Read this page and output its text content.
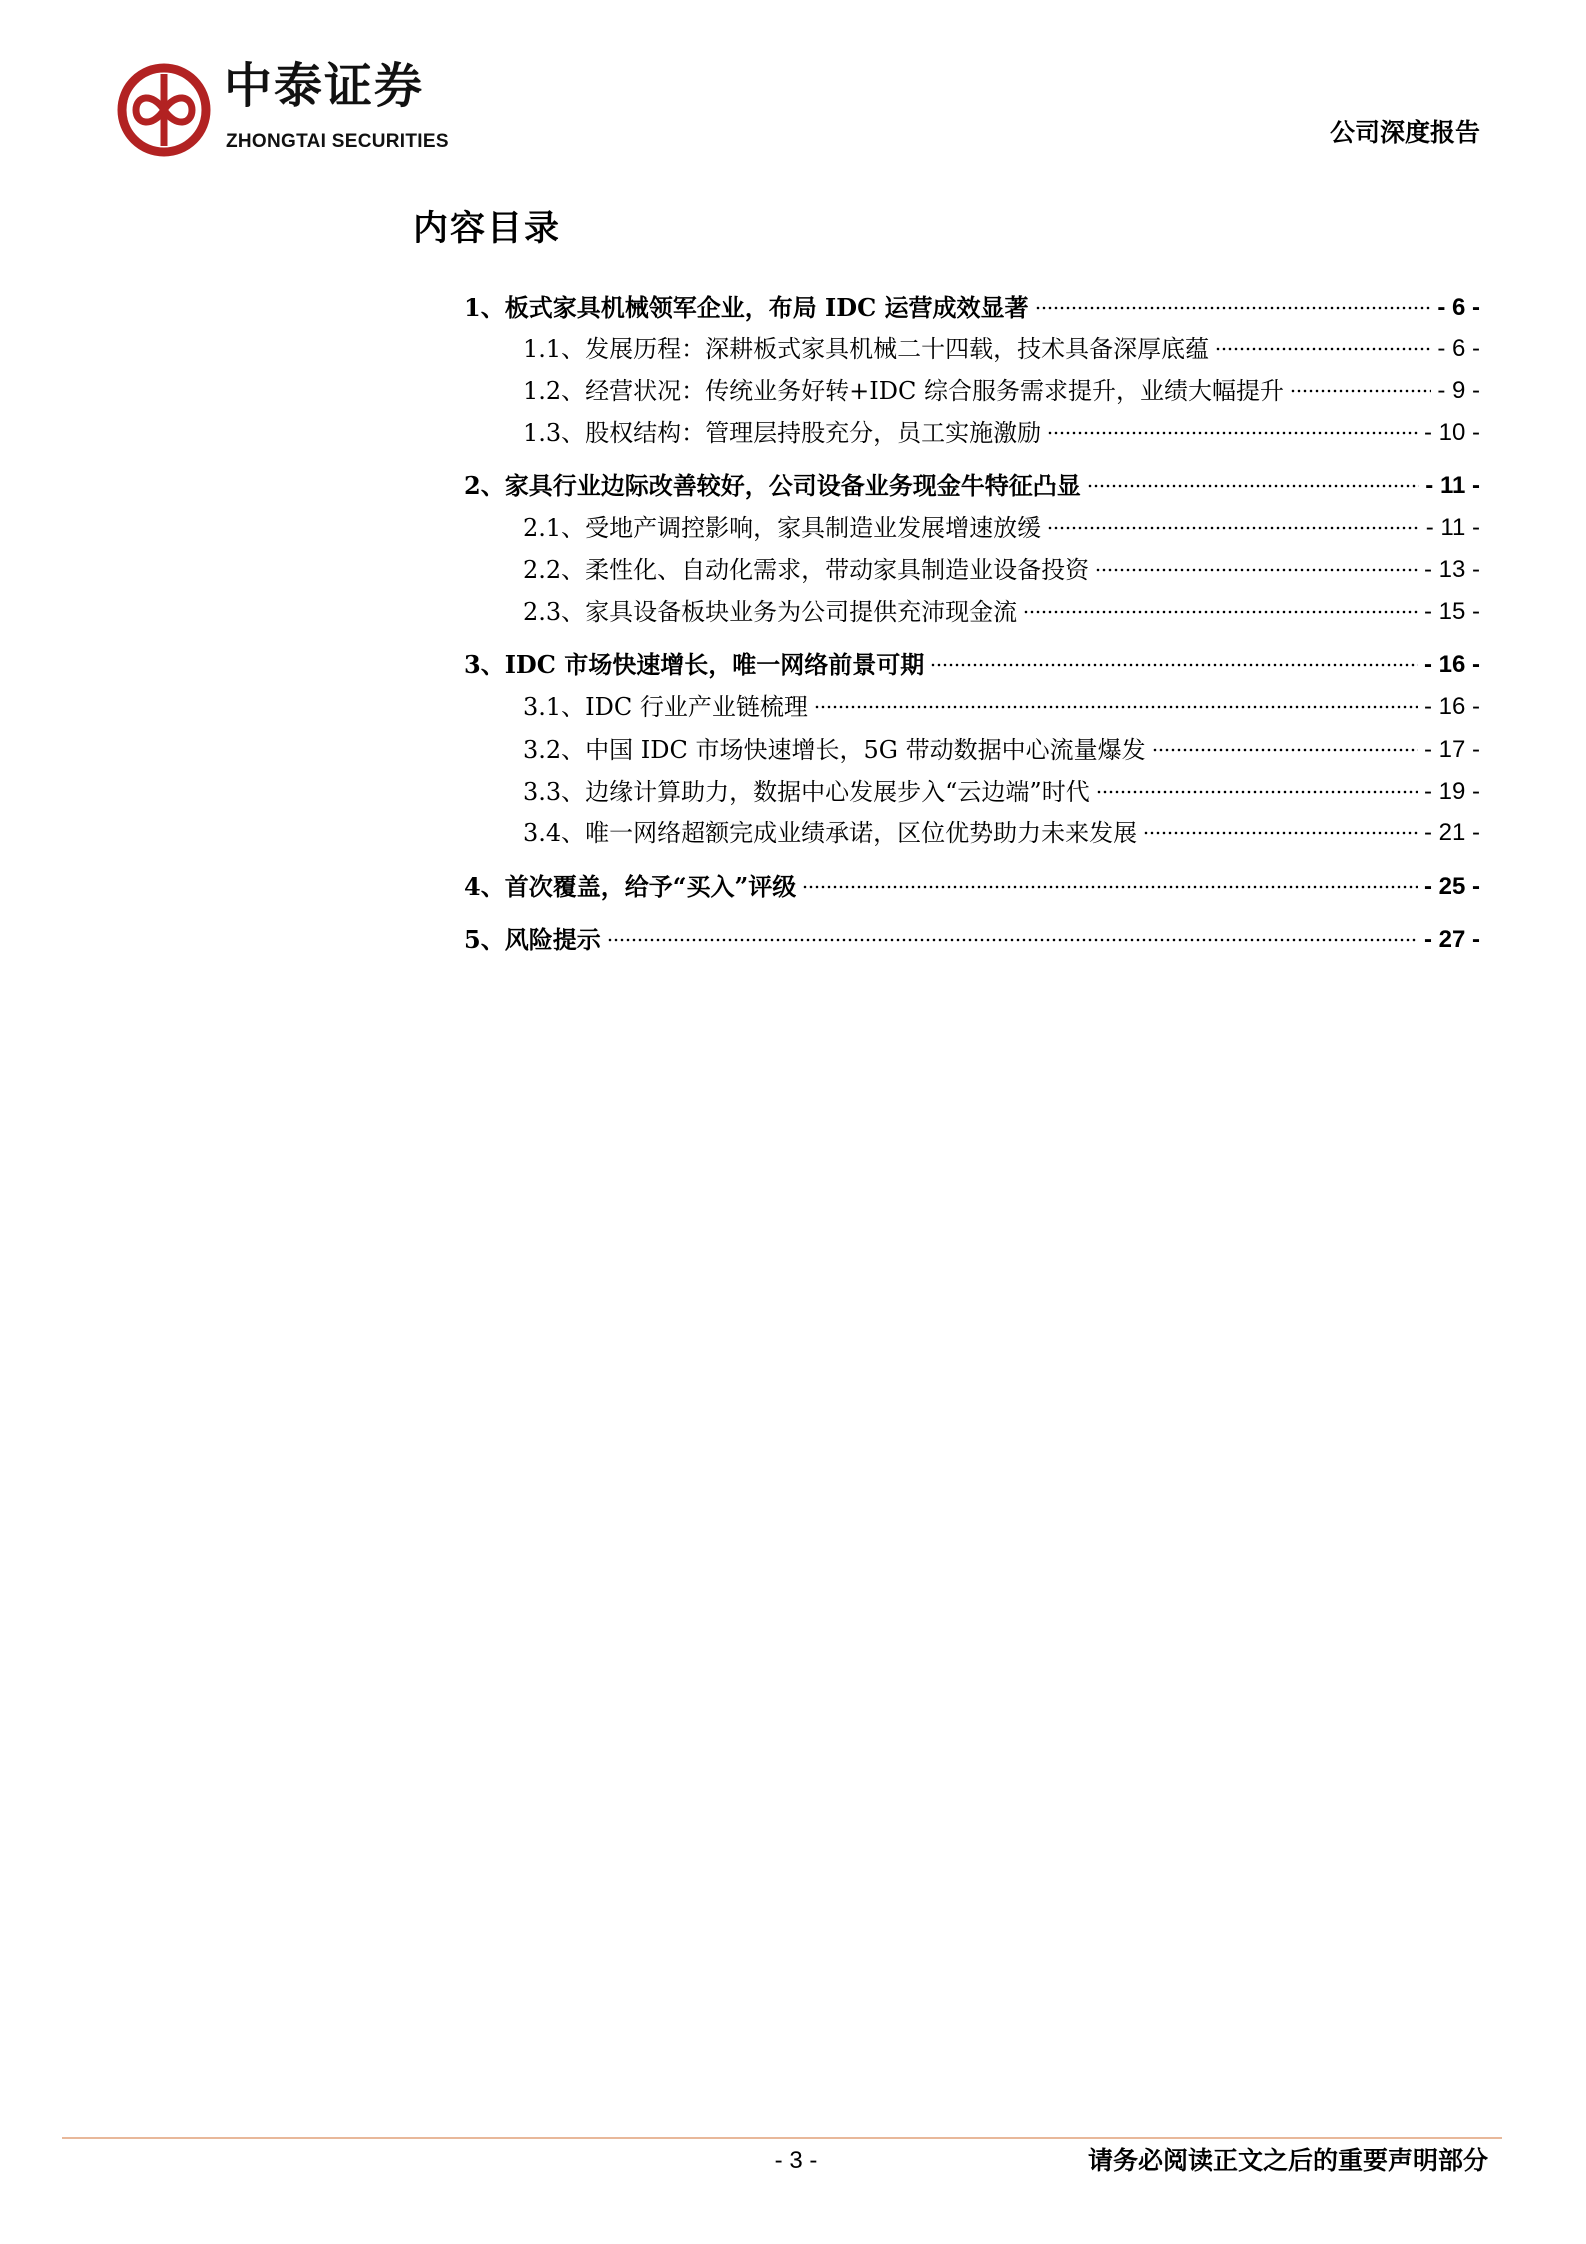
中泰证券
ZHONGTAI SECURITIES	公司深度报告
内容目录
1、板式家具机械领军企业，布局 IDC 运营成效显著	- 6 -
1.1、发展历程：深耕板式家具机械二十四载，技术具备深厚底蕴	- 6 -
1.2、经营状况：传统业务好转+IDC 综合服务需求提升，业绩大幅提升	- 9 -
1.3、股权结构：管理层持股充分，员工实施激励	- 10 -
2、家具行业边际改善较好，公司设备业务现金牛特征凸显	- 11 -
2.1、受地产调控影响，家具制造业发展增速放缓	- 11 -
2.2、柔性化、自动化需求，带动家具制造业设备投资	- 13 -
2.3、家具设备板块业务为公司提供充沛现金流	- 15 -
3、IDC 市场快速增长，唯一网络前景可期	- 16 -
3.1、IDC 行业产业链梳理	- 16 -
3.2、中国 IDC 市场快速增长，5G 带动数据中心流量爆发	- 17 -
3.3、边缘计算助力，数据中心发展步入“云边端”时代	- 19 -
3.4、唯一网络超额完成业绩承诺，区位优势助力未来发展	- 21 -
4、首次覆盖，给予“买入”评级	- 25 -
5、风险提示	- 27 -
- 3 -	请务必阅读正文之后的重要声明部分
